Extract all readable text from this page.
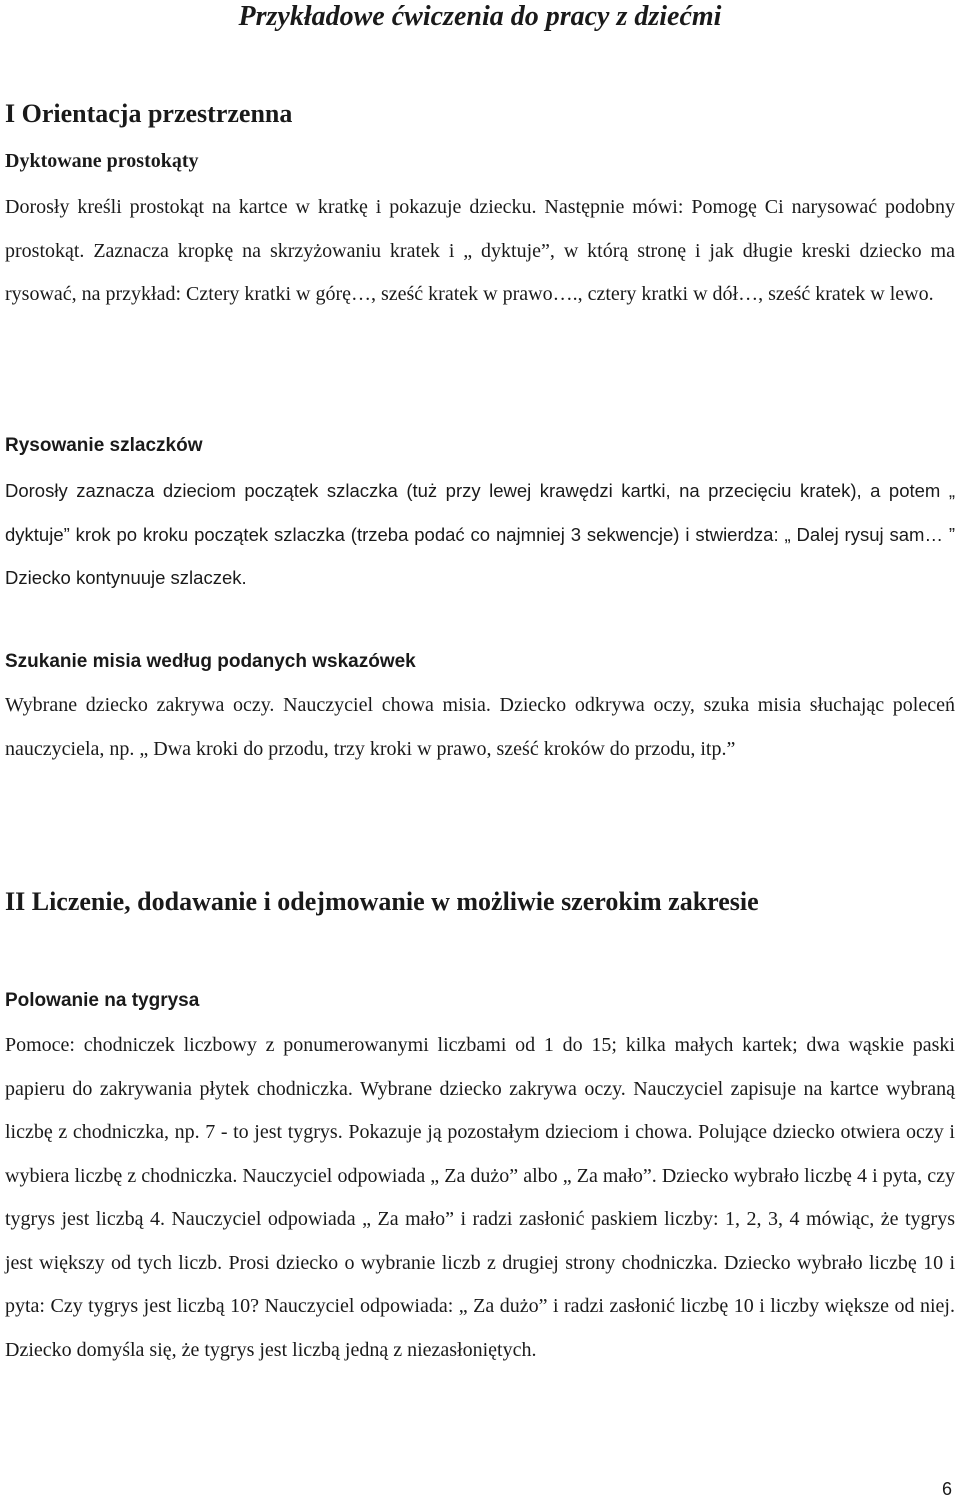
Przykładowe ćwiczenia do pracy z dziećmi
I Orientacja przestrzenna
Dyktowane prostokąty

Dorosły kreśli prostokąt na kartce w kratkę i pokazuje dziecku. Następnie mówi: Pomogę Ci narysować podobny prostokąt. Zaznacza kropkę na skrzyżowaniu kratek i „ dyktuje”, w którą stronę i jak długie kreski dziecko ma rysować, na przykład: Cztery kratki w górę…, sześć kratek w prawo…., cztery kratki w dół…, sześć kratek w lewo.

Rysowanie szlaczków

Dorosły zaznacza dzieciom początek szlaczka (tuż przy lewej krawędzi kartki, na przecięciu kratek), a potem „ dyktuje” krok po kroku początek szlaczka (trzeba podać co najmniej 3 sekwencje) i stwierdza: „ Dalej rysuj sam… ” Dziecko kontynuuje szlaczek.

Szukanie misia według podanych wskazówek

Wybrane dziecko zakrywa oczy. Nauczyciel chowa misia. Dziecko odkrywa oczy, szuka misia słuchając poleceń nauczyciela, np. „ Dwa kroki do przodu, trzy kroki w prawo, sześć kroków do przodu, itp.”

II Liczenie, dodawanie i odejmowanie w możliwie szerokim zakresie
Polowanie na tygrysa

Pomoce: chodniczek liczbowy z ponumerowanymi liczbami od 1 do 15; kilka małych kartek; dwa wąskie paski papieru do zakrywania płytek chodniczka. Wybrane dziecko zakrywa oczy. Nauczyciel zapisuje na kartce wybraną liczbę z chodniczka, np. 7 - to jest tygrys. Pokazuje ją pozostałym dzieciom i chowa. Polujące dziecko otwiera oczy i wybiera liczbę z chodniczka. Nauczyciel odpowiada „ Za dużo” albo „ Za mało”. Dziecko wybrało liczbę 4 i pyta, czy tygrys jest liczbą 4. Nauczyciel odpowiada „ Za mało” i radzi zasłonić paskiem liczby: 1, 2, 3, 4 mówiąc, że tygrys jest większy od tych liczb. Prosi dziecko o wybranie liczb z drugiej strony chodniczka. Dziecko wybrało liczbę 10 i pyta: Czy tygrys jest liczbą 10? Nauczyciel odpowiada: „ Za dużo” i radzi zasłonić liczbę 10 i liczby większe od niej. Dziecko domyśla się, że tygrys jest liczbą jedną z niezasłoniętych.

6
